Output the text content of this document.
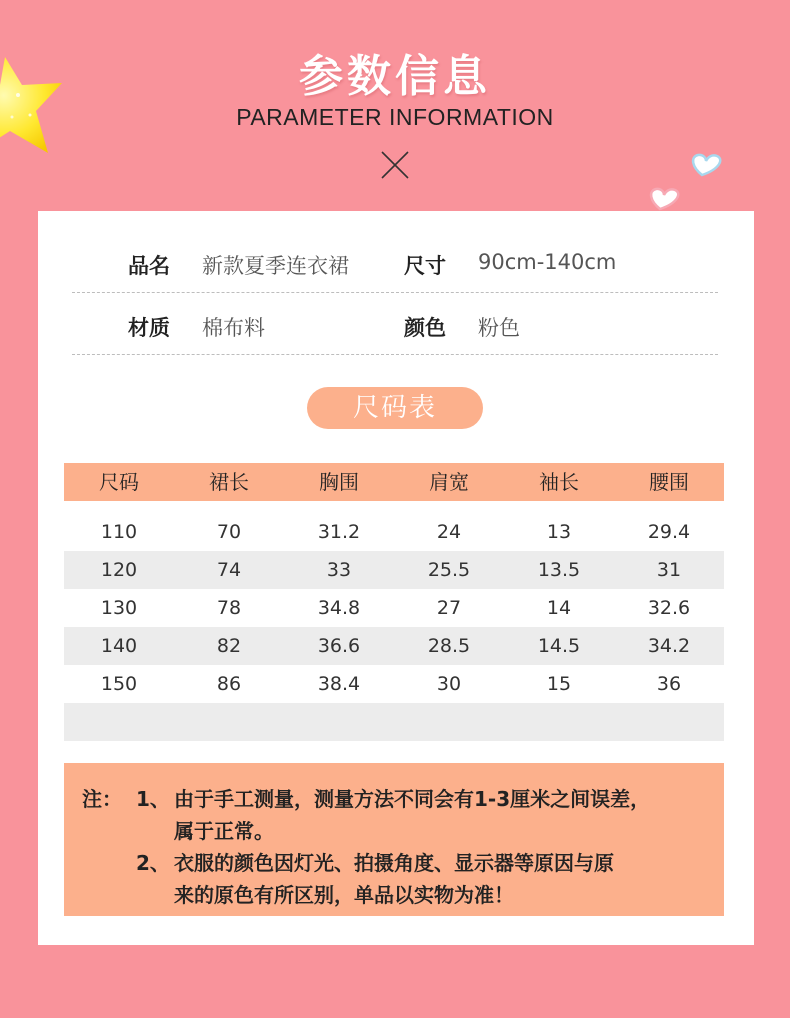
参数信息
PARAMETER INFORMATION
品名 新款夏季连衣裙	尺寸 90cm-140cm
材质 棉布料	颜色 粉色
尺码表
尺码	裙长	胸围	肩宽	袖长	腰围
110	70	31.2	24	13	29.4
120	74	33	25.5	13.5	31
130	78	34.8	27	14	32.6
140	82	36.6	28.5	14.5	34.2
150	86	38.4	30	15	36
注： 1、 由于手工测量，测量方法不同会有1-3厘米之间误差，
属于正常。
2、 衣服的颜色因灯光、拍摄角度、显示器等原因与原
来的原色有所区别，单品以实物为准！
